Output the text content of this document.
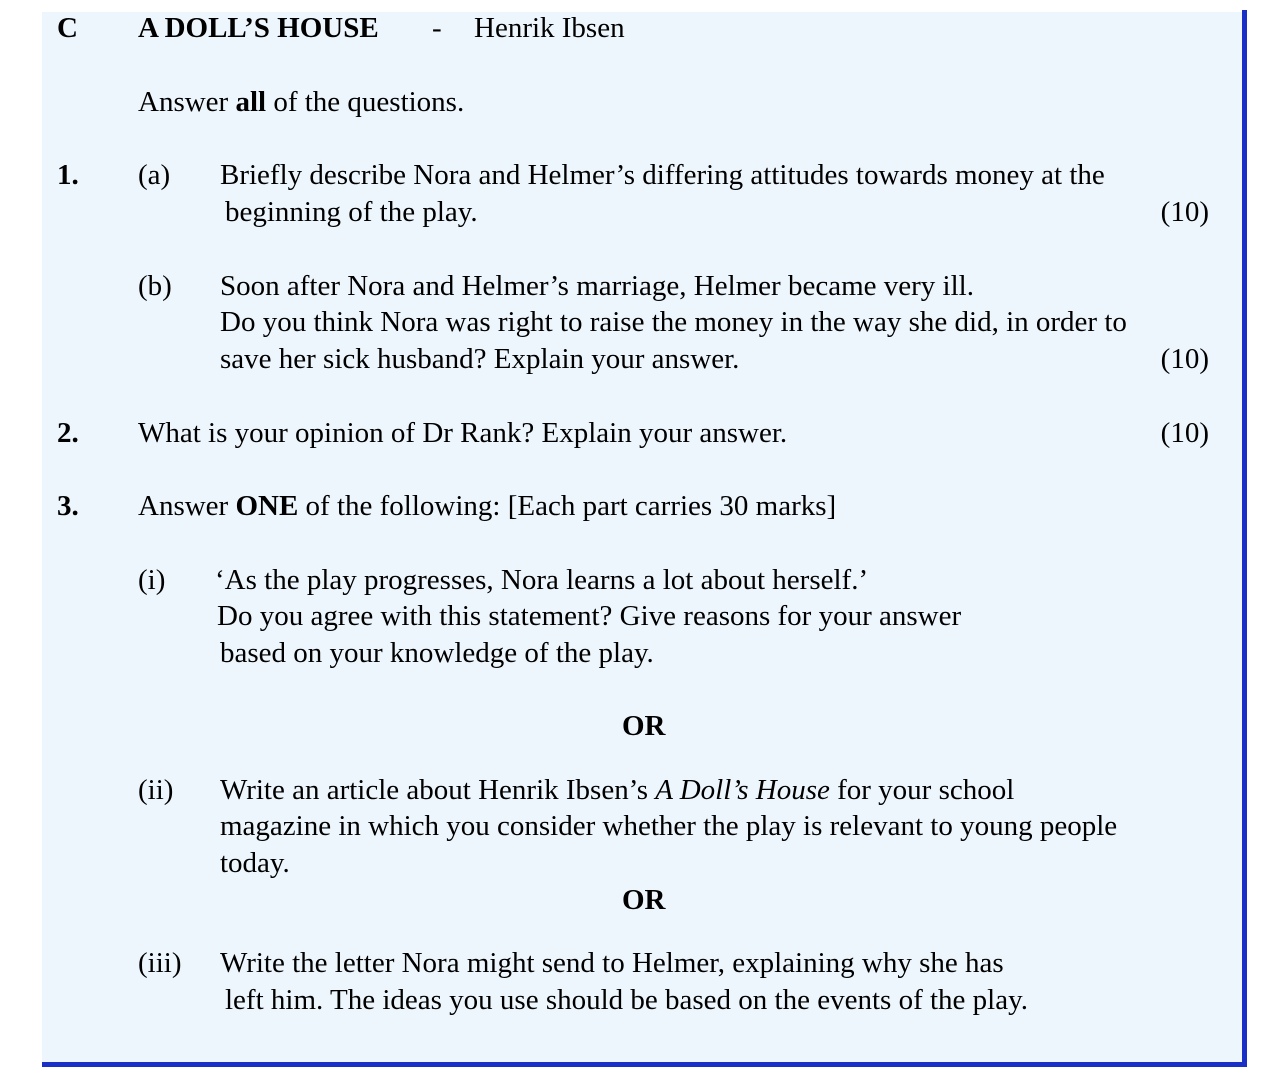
C A DOLL’S HOUSE - Henrik Ibsen
Answer all of the questions.
1. (a) Briefly describe Nora and Helmer’s differing attitudes towards money at the
beginning of the play.	(10)
(b) Soon after Nora and Helmer’s marriage, Helmer became very ill.
Do you think Nora was right to raise the money in the way she did, in order to
save her sick husband? Explain your answer.	(10)
2. What is your opinion of Dr Rank? Explain your answer.	(10)
3. Answer ONE of the following: [Each part carries 30 marks]
(i) ‘As the play progresses, Nora learns a lot about herself.’
Do you agree with this statement? Give reasons for your answer
based on your knowledge of the play.
OR
(ii) Write an article about Henrik Ibsen’s A Doll’s House for your school
magazine in which you consider whether the play is relevant to young people
today.
OR
(iii) Write the letter Nora might send to Helmer, explaining why she has
left him. The ideas you use should be based on the events of the play.
